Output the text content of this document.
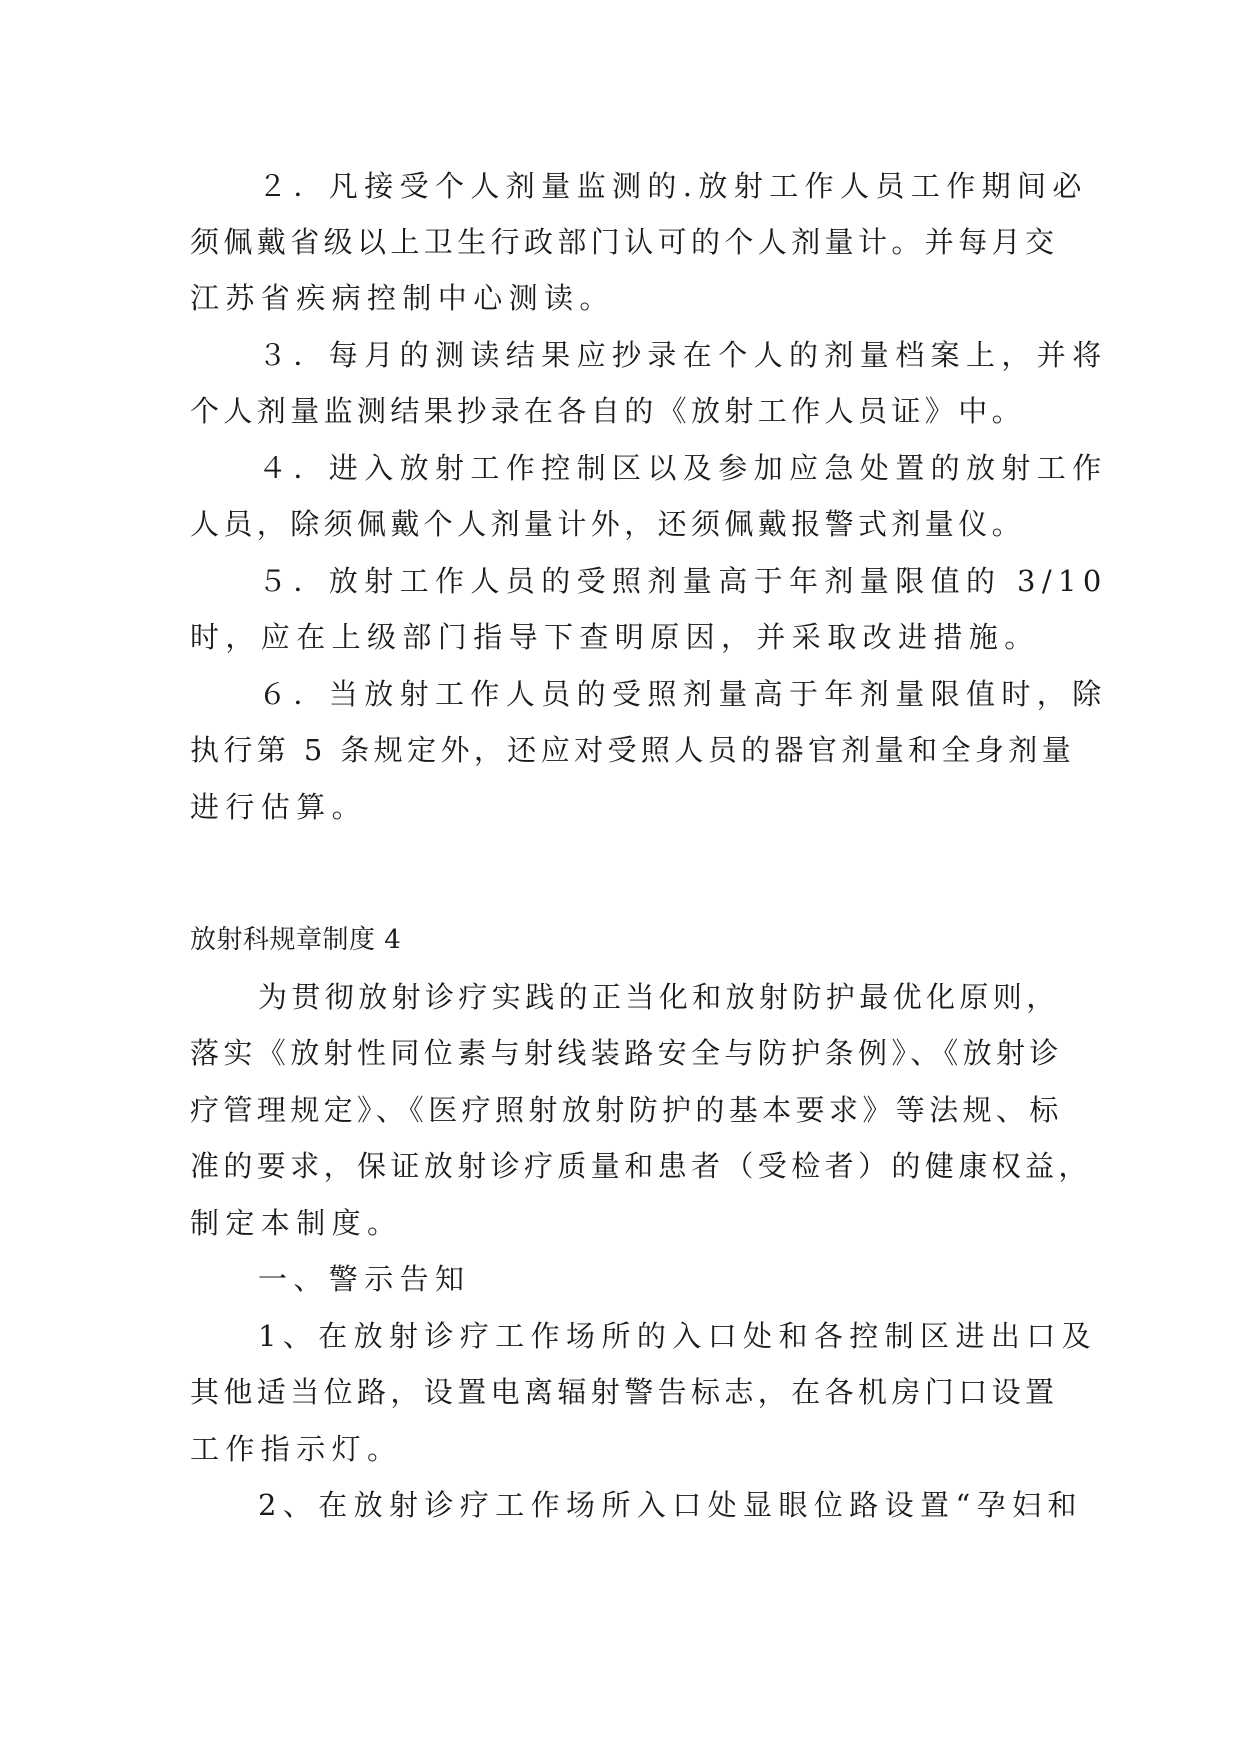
２．凡接受个人剂量监测的.放射工作人员工作期间必
须佩戴省级以上卫生行政部门认可的个人剂量计。并每月交
江苏省疾病控制中心测读。
３．每月的测读结果应抄录在个人的剂量档案上，并将
个人剂量监测结果抄录在各自的《放射工作人员证》中。
４．进入放射工作控制区以及参加应急处置的放射工作
人员，除须佩戴个人剂量计外，还须佩戴报警式剂量仪。
５．放射工作人员的受照剂量高于年剂量限值的 3/10
时，应在上级部门指导下查明原因，并采取改进措施。
６．当放射工作人员的受照剂量高于年剂量限值时，除
执行第 5 条规定外，还应对受照人员的器官剂量和全身剂量
进行估算。
放射科规章制度 4
为贯彻放射诊疗实践的正当化和放射防护最优化原则，
落实《放射性同位素与射线装路安全与防护条例》、《放射诊
疗管理规定》、《医疗照射放射防护的基本要求》等法规、标
准的要求，保证放射诊疗质量和患者（受检者）的健康权益，
制定本制度。
一、警示告知
1、在放射诊疗工作场所的入口处和各控制区进出口及
其他适当位路，设置电离辐射警告标志，在各机房门口设置
工作指示灯。
2、在放射诊疗工作场所入口处显眼位路设置“孕妇和
